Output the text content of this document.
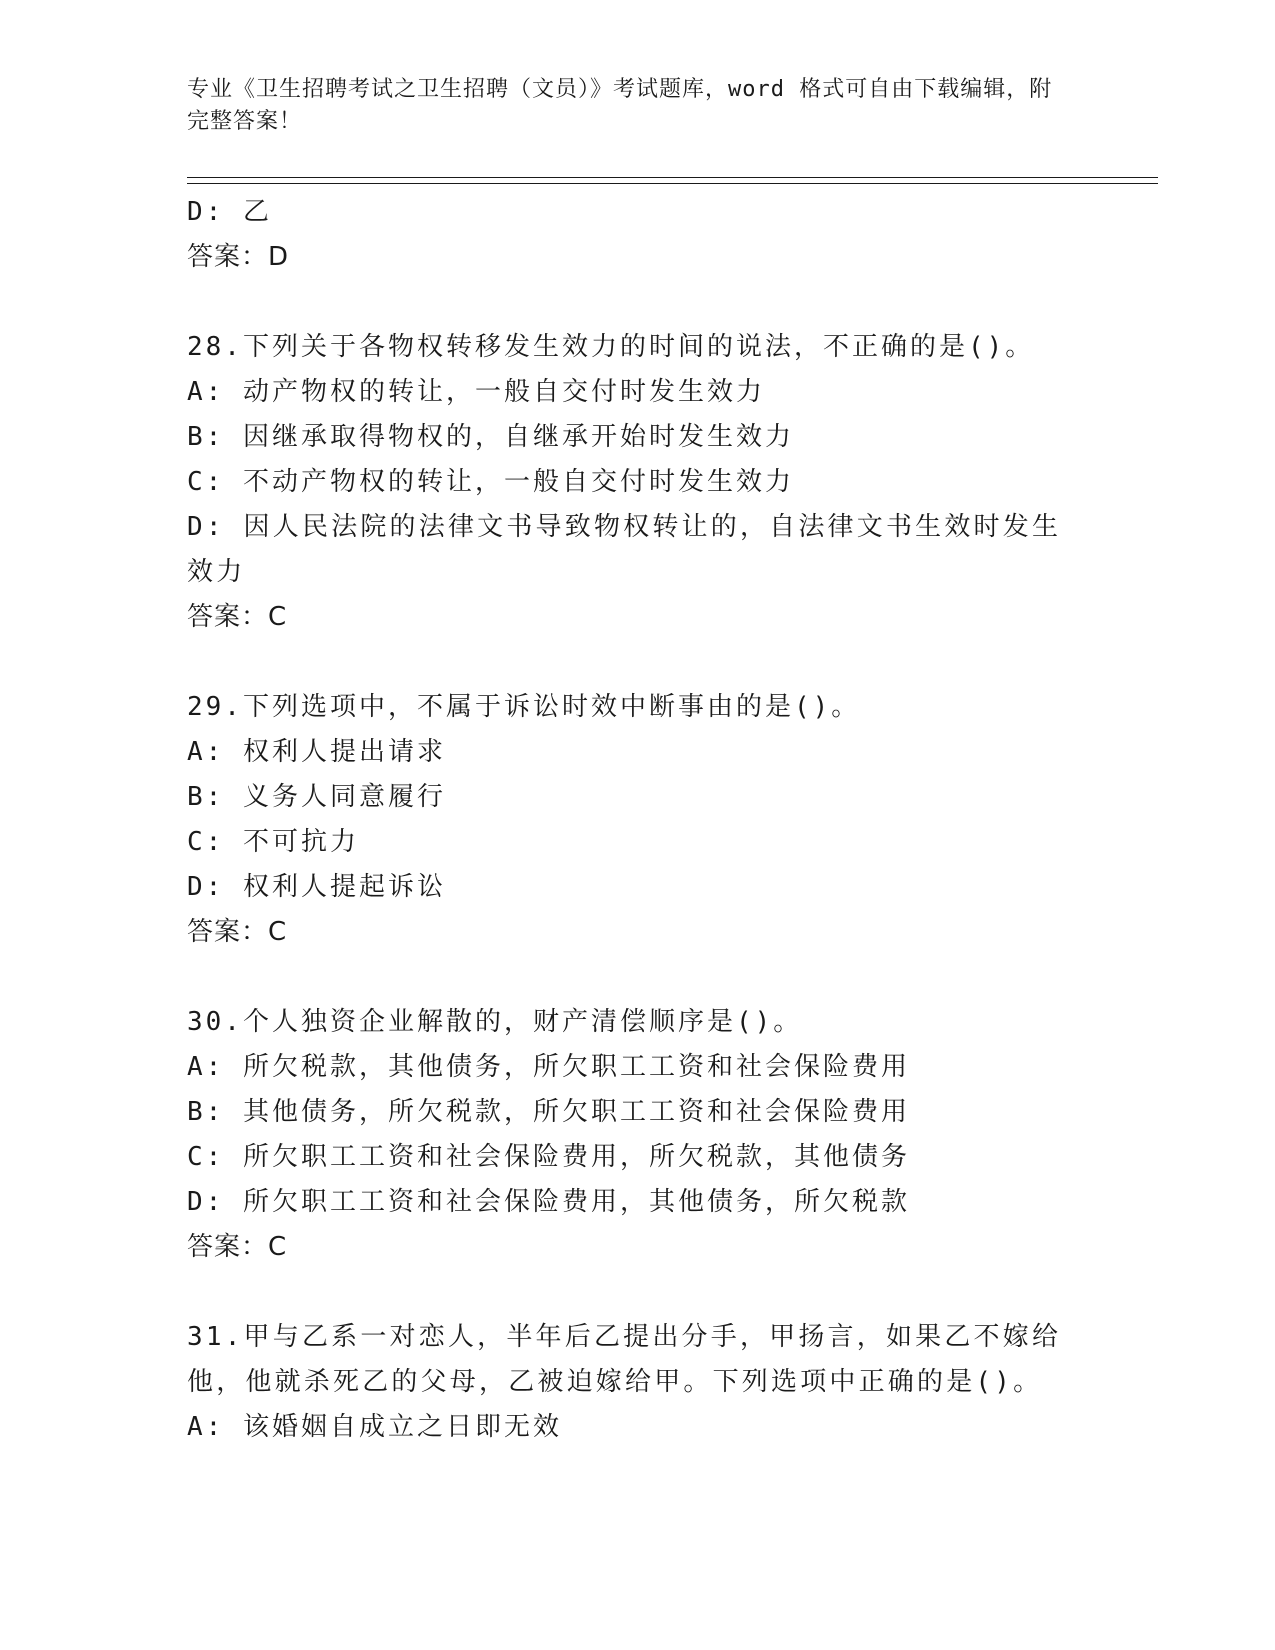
专业《卫生招聘考试之卫生招聘（文员）》考试题库，word 格式可自由下载编辑，附完整答案！
D: 乙
答案：D
28.下列关于各物权转移发生效力的时间的说法，不正确的是()。
A: 动产物权的转让，一般自交付时发生效力
B: 因继承取得物权的，自继承开始时发生效力
C: 不动产物权的转让，一般自交付时发生效力
D: 因人民法院的法律文书导致物权转让的，自法律文书生效时发生效力
答案：C
29.下列选项中，不属于诉讼时效中断事由的是()。
A: 权利人提出请求
B: 义务人同意履行
C: 不可抗力
D: 权利人提起诉讼
答案：C
30.个人独资企业解散的，财产清偿顺序是()。
A: 所欠税款，其他债务，所欠职工工资和社会保险费用
B: 其他债务，所欠税款，所欠职工工资和社会保险费用
C: 所欠职工工资和社会保险费用，所欠税款，其他债务
D: 所欠职工工资和社会保险费用，其他债务，所欠税款
答案：C
31.甲与乙系一对恋人，半年后乙提出分手，甲扬言，如果乙不嫁给他，他就杀死乙的父母，乙被迫嫁给甲。下列选项中正确的是()。
A: 该婚姻自成立之日即无效
